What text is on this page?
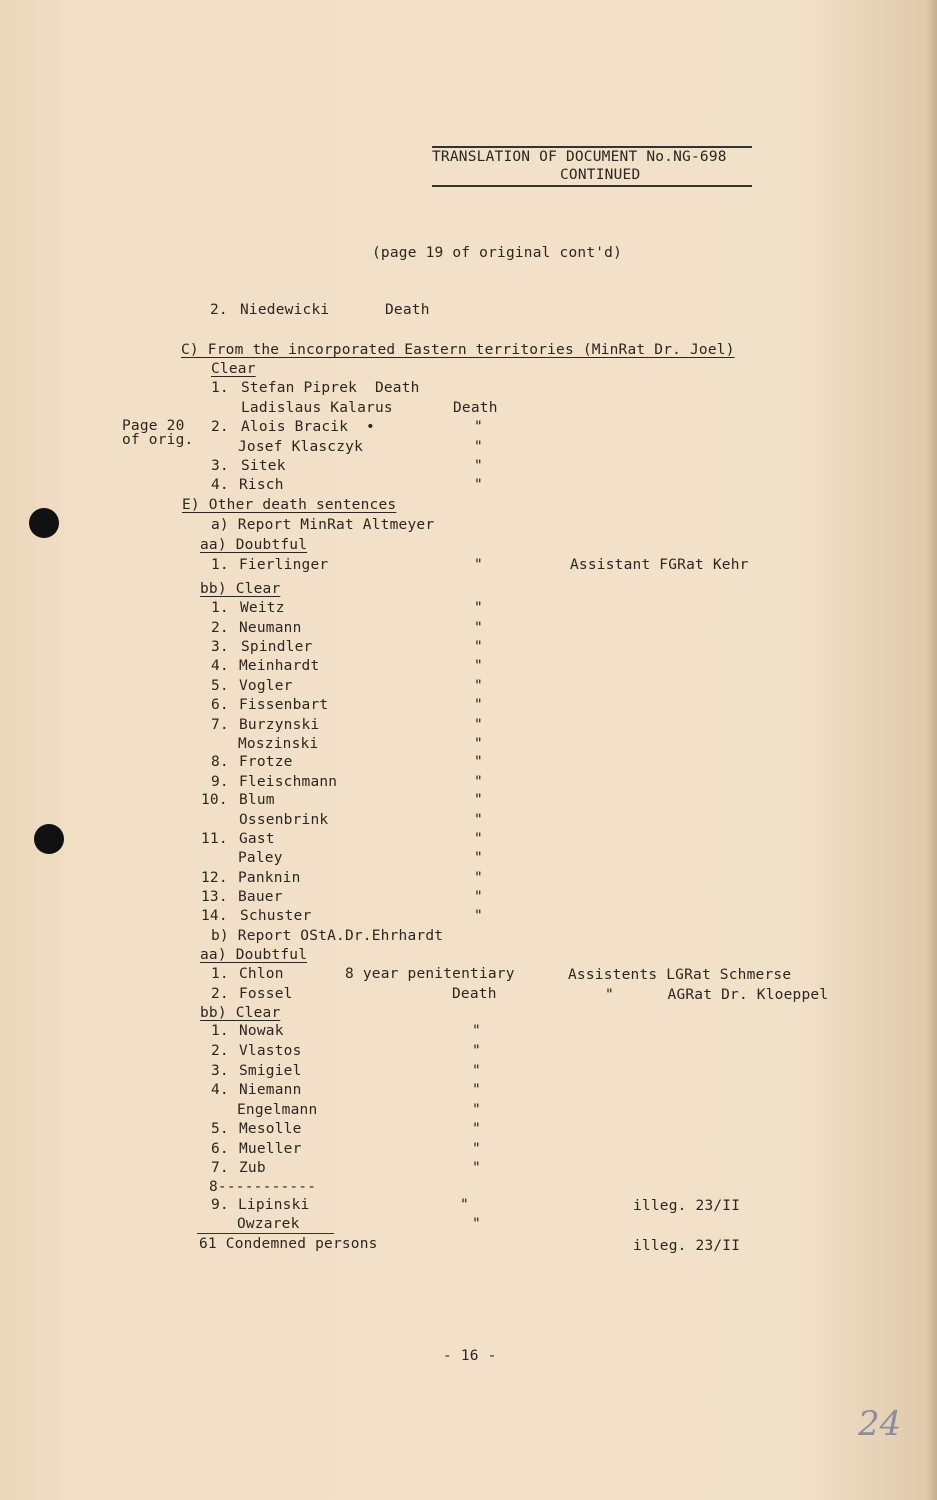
TRANSLATION OF DOCUMENT No.NG-698
CONTINUED
(page 19 of original cont'd)
2. Niedewicki	Death
C) From the incorporated Eastern territories (MinRat Dr. Joel)
Clear
Page 20
of orig.
1. Stefan Piprek  Death
Ladislaus Kalarus	Death
2. Alois Bracik  •	"
Josef Klasczyk	"
3. Sitek	"
4. Risch	"
E) Other death sentences
a) Report MinRat Altmeyer
aa) Doubtful
1. Fierlinger	"	Assistant FGRat Kehr
bb) Clear
1. Weitz	"
2. Neumann	"
3. Spindler	"
4. Meinhardt	"
5. Vogler	"
6. Fissenbart	"
7. Burzynski	"
Moszinski	"
8. Frotze	"
9. Fleischmann	"
10. Blum	"
Ossenbrink	"
11. Gast	"
Paley	"
12. Panknin	"
13. Bauer	"
14. Schuster	"
b) Report OStA.Dr.Ehrhardt
aa) Doubtful
1. Chlon	8 year penitentiary	Assistents LGRat Schmerse
2. Fossel	Death	"      AGRat Dr. Kloeppel
bb) Clear
1. Nowak	"
2. Vlastos	"
3. Smigiel	"
4. Niemann	"
Engelmann	"
5. Mesolle	"
6. Mueller	"
7. Zub	"
8-----------
9. Lipinski	"	illeg. 23/II
Owzarek	"
61 Condemned persons	illeg. 23/II
- 16 -
24
